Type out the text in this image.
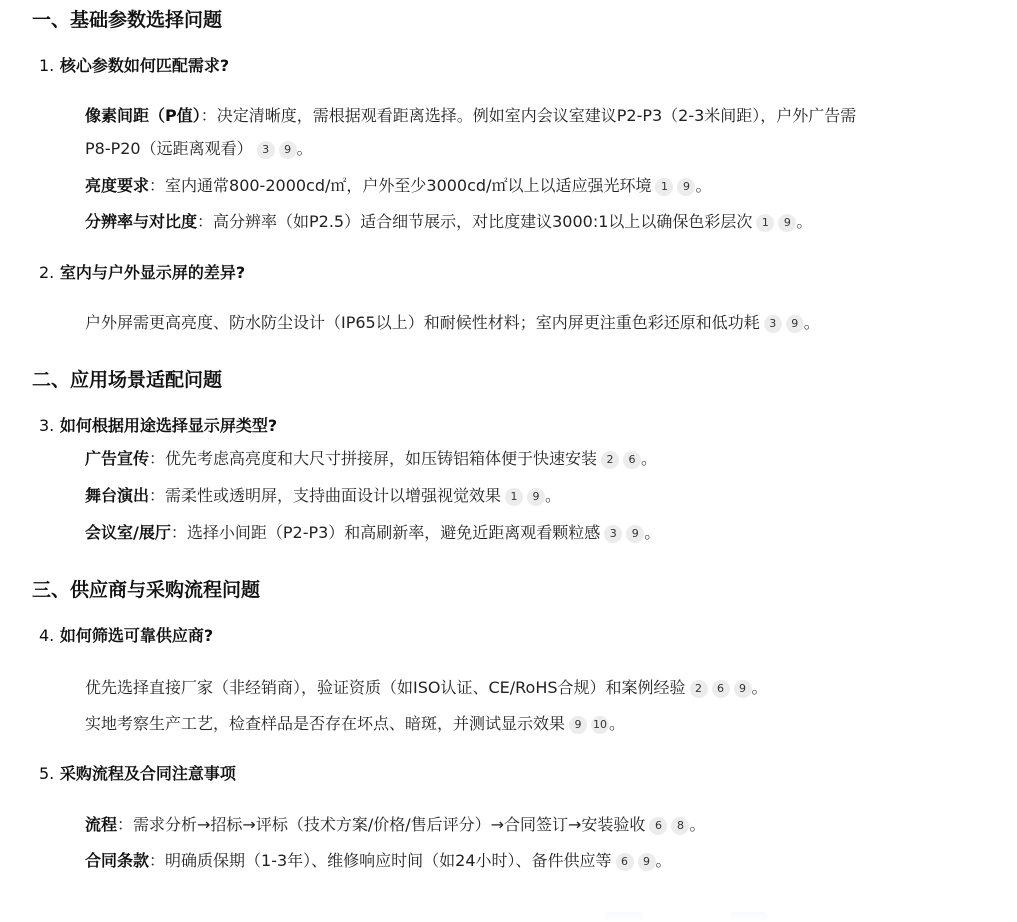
一、基础参数选择问题
1. 核心参数如何匹配需求?
像素间距（P值）：决定清晰度，需根据观看距离选择。例如室内会议室建议P2-P3（2-3米间距），户外广告需
P8-P20（远距离观看） 3 9 。
亮度要求：室内通常800-2000cd/㎡，户外至少3000cd/㎡以上以适应强光环境 1 9 。
分辨率与对比度：高分辨率（如P2.5）适合细节展示，对比度建议3000:1以上以确保色彩层次 1 9 。
2. 室内与户外显示屏的差异?
户外屏需更高亮度、防水防尘设计（IP65以上）和耐候性材料；室内屏更注重色彩还原和低功耗 3 9 。
二、应用场景适配问题
3. 如何根据用途选择显示屏类型?
广告宣传：优先考虑高亮度和大尺寸拼接屏，如压铸铝箱体便于快速安装 2 6 。
舞台演出：需柔性或透明屏，支持曲面设计以增强视觉效果 1 9 。
会议室/展厅：选择小间距（P2-P3）和高刷新率，避免近距离观看颗粒感 3 9 。
三、供应商与采购流程问题
4. 如何筛选可靠供应商?
优先选择直接厂家（非经销商），验证资质（如ISO认证、CE/RoHS合规）和案例经验 2 6 9 。
实地考察生产工艺，检查样品是否存在坏点、暗斑，并测试显示效果 9 10 。
5. 采购流程及合同注意事项
流程：需求分析→招标→评标（技术方案/价格/售后评分）→合同签订→安装验收 6 8 。
合同条款：明确质保期（1-3年）、维修响应时间（如24小时）、备件供应等 6 9 。
